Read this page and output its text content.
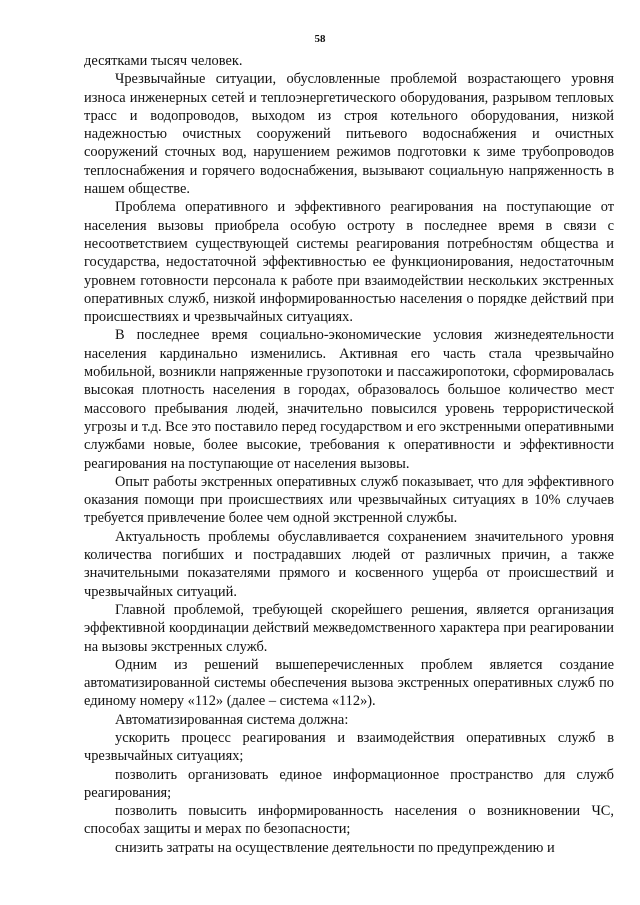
58

десятками тысяч человек.

Чрезвычайные ситуации, обусловленные проблемой возрастающего уровня износа инженерных сетей и теплоэнергетического оборудования, разрывом тепловых трасс и водопроводов, выходом из строя котельного оборудования, низкой надежностью очистных сооружений питьевого водоснабжения и очистных сооружений сточных вод, нарушением режимов подготовки к зиме трубопроводов теплоснабжения и горячего водоснабжения, вызывают социальную напряженность в нашем обществе.

Проблема оперативного и эффективного реагирования на поступающие от населения вызовы приобрела особую остроту в последнее время в связи с несоответствием существующей системы реагирования потребностям общества и государства, недостаточной эффективностью ее функционирования, недостаточным уровнем готовности персонала к работе при взаимодействии нескольких экстренных оперативных служб, низкой информированностью населения о порядке действий при происшествиях и чрезвычайных ситуациях.

В последнее время социально-экономические условия жизнедеятельности населения кардинально изменились. Активная его часть стала чрезвычайно мобильной, возникли напряженные грузопотоки и пассажиропотоки, сформировалась высокая плотность населения в городах, образовалось большое количество мест массового пребывания людей, значительно повысился уровень террористической угрозы и т.д. Все это поставило перед государством и его экстренными оперативными службами новые, более высокие, требования к оперативности и эффективности реагирования на поступающие от населения вызовы.

Опыт работы экстренных оперативных служб показывает, что для эффективного оказания помощи при происшествиях или чрезвычайных ситуациях в 10% случаев требуется привлечение более чем одной экстренной службы.

Актуальность проблемы обуславливается сохранением значительного уровня количества погибших и пострадавших людей от различных причин, а также значительными показателями прямого и косвенного ущерба от происшествий и чрезвычайных ситуаций.

Главной проблемой, требующей скорейшего решения, является организация эффективной координации действий межведомственного характера при реагировании на вызовы экстренных служб.

Одним из решений вышеперечисленных проблем является создание автоматизированной системы обеспечения вызова экстренных оперативных служб по единому номеру «112» (далее – система «112»).

Автоматизированная система должна:

ускорить процесс реагирования и взаимодействия оперативных служб в чрезвычайных ситуациях;

позволить организовать единое информационное пространство для служб реагирования;

позволить повысить информированность населения о возникновении ЧС, способах защиты и мерах по безопасности;

снизить затраты на осуществление деятельности по предупреждению и
